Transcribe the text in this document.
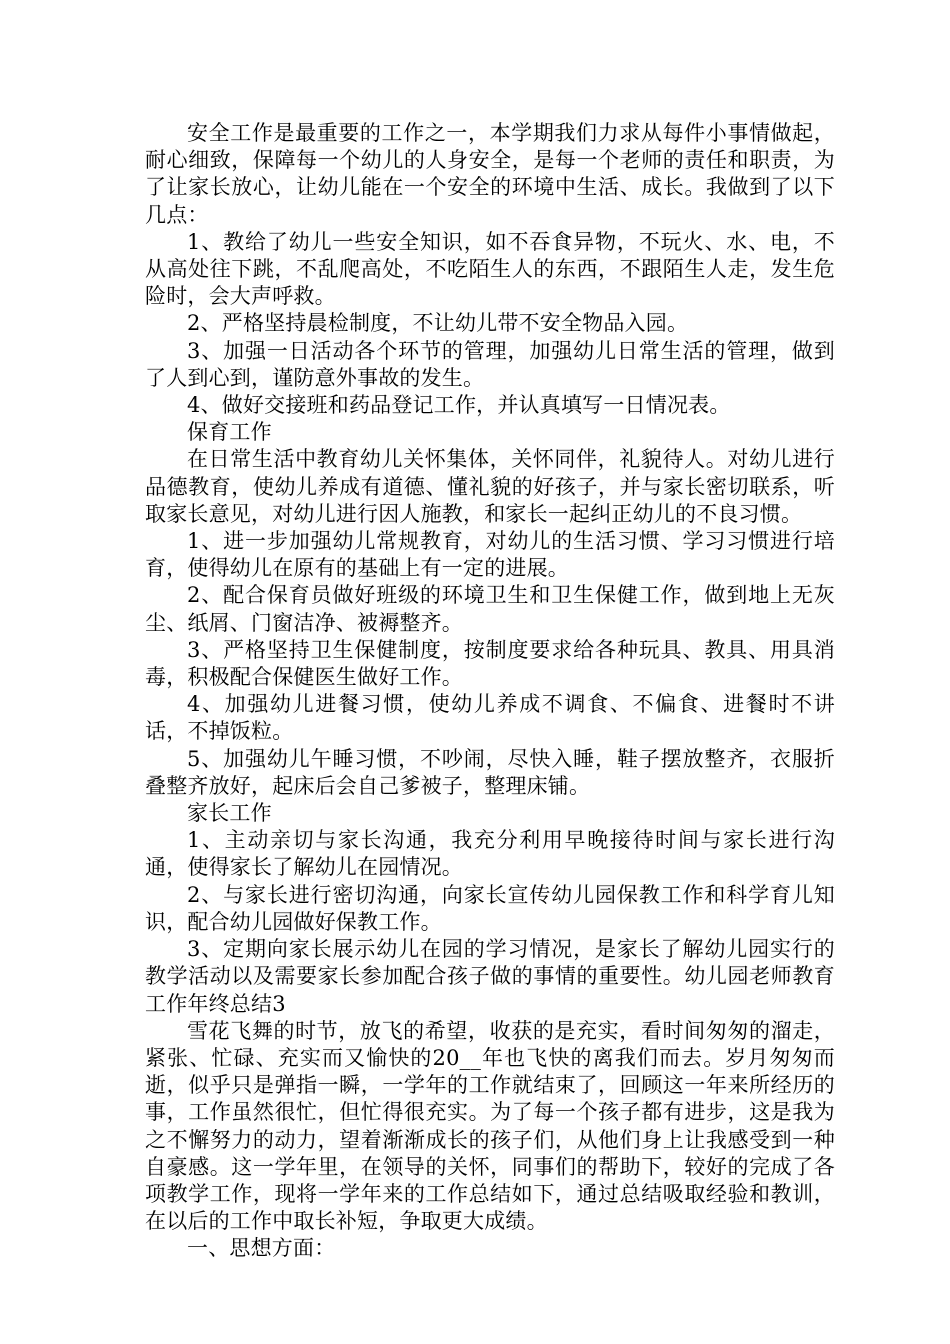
安全工作是最重要的工作之一，本学期我们力求从每件小事情做起，耐心细致，保障每一个幼儿的人身安全，是每一个老师的责任和职责，为了让家长放心，让幼儿能在一个安全的环境中生活、成长。我做到了以下几点：

1、教给了幼儿一些安全知识，如不吞食异物，不玩火、水、电，不从高处往下跳，不乱爬高处，不吃陌生人的东西，不跟陌生人走，发生危险时，会大声呼救。

2、严格坚持晨检制度，不让幼儿带不安全物品入园。

3、加强一日活动各个环节的管理，加强幼儿日常生活的管理，做到了人到心到，谨防意外事故的发生。

4、做好交接班和药品登记工作，并认真填写一日情况表。

保育工作

在日常生活中教育幼儿关怀集体，关怀同伴，礼貌待人。对幼儿进行品德教育，使幼儿养成有道德、懂礼貌的好孩子，并与家长密切联系，听取家长意见，对幼儿进行因人施教，和家长一起纠正幼儿的不良习惯。

1、进一步加强幼儿常规教育，对幼儿的生活习惯、学习习惯进行培育，使得幼儿在原有的基础上有一定的进展。

2、配合保育员做好班级的环境卫生和卫生保健工作，做到地上无灰尘、纸屑、门窗洁净、被褥整齐。

3、严格坚持卫生保健制度，按制度要求给各种玩具、教具、用具消毒，积极配合保健医生做好工作。

4、加强幼儿进餐习惯，使幼儿养成不调食、不偏食、进餐时不讲话，不掉饭粒。

5、加强幼儿午睡习惯，不吵闹，尽快入睡，鞋子摆放整齐，衣服折叠整齐放好，起床后会自己爹被子，整理床铺。

家长工作

1、主动亲切与家长沟通，我充分利用早晚接待时间与家长进行沟通，使得家长了解幼儿在园情况。

2、与家长进行密切沟通，向家长宣传幼儿园保教工作和科学育儿知识，配合幼儿园做好保教工作。

3、定期向家长展示幼儿在园的学习情况，是家长了解幼儿园实行的教学活动以及需要家长参加配合孩子做的事情的重要性。幼儿园老师教育工作年终总结3

雪花飞舞的时节，放飞的希望，收获的是充实，看时间匆匆的溜走，紧张、忙碌、充实而又愉快的20__年也飞快的离我们而去。岁月匆匆而逝，似乎只是弹指一瞬，一学年的工作就结束了，回顾这一年来所经历的事，工作虽然很忙，但忙得很充实。为了每一个孩子都有进步，这是我为之不懈努力的动力，望着渐渐成长的孩子们，从他们身上让我感受到一种自豪感。这一学年里，在领导的关怀，同事们的帮助下，较好的完成了各项教学工作，现将一学年来的工作总结如下，通过总结吸取经验和教训，在以后的工作中取长补短，争取更大成绩。

一、思想方面：
